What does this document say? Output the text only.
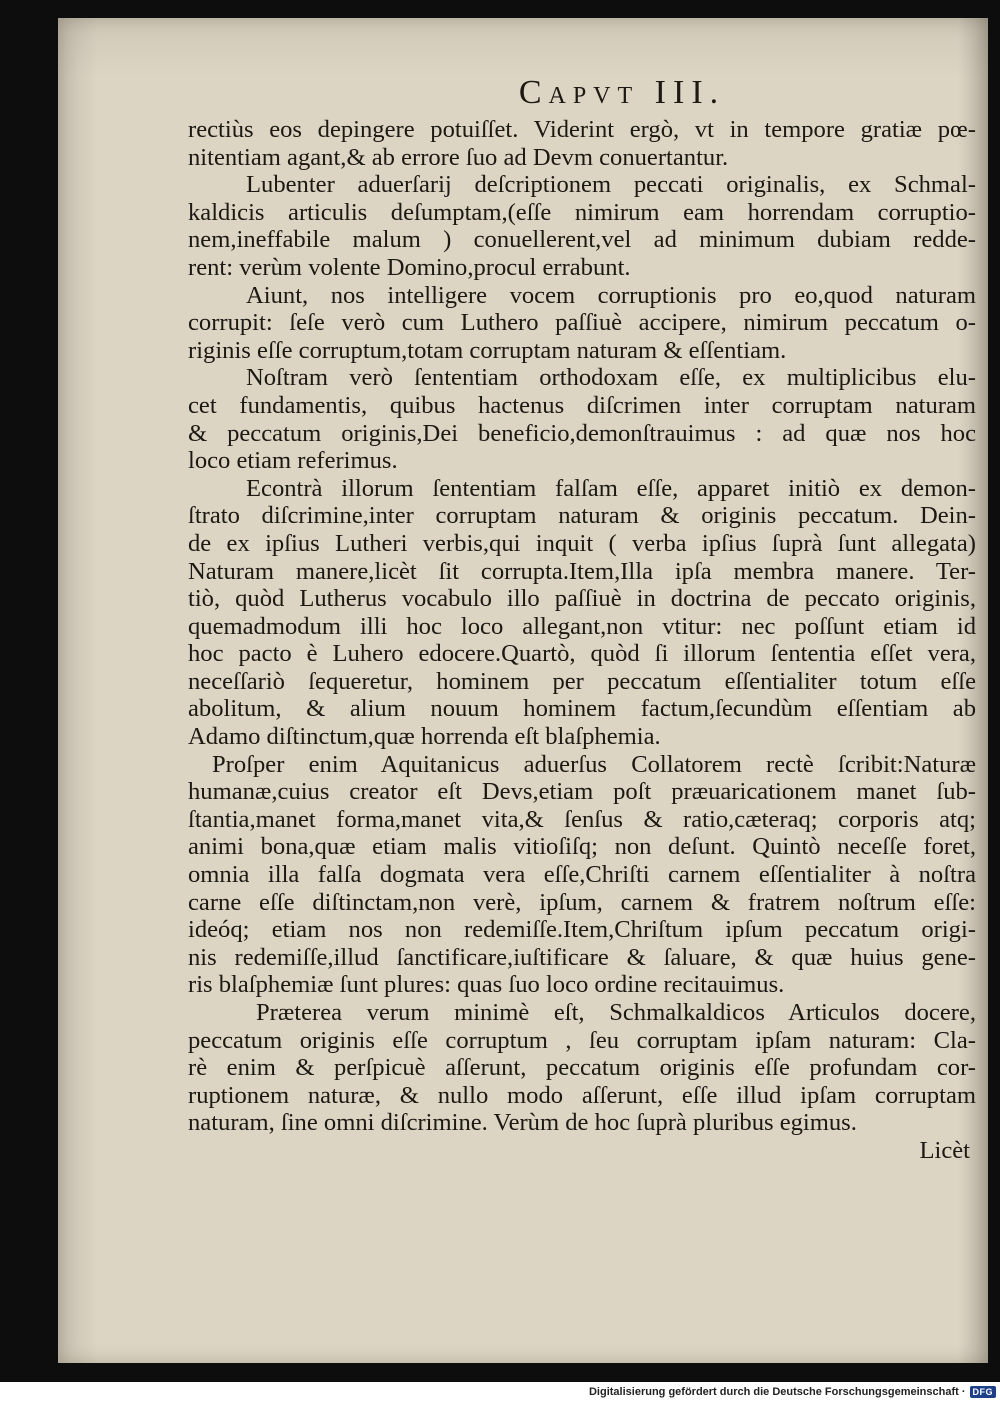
Capvt III.
rectiùs eos depingere potuiſſet. Viderint ergò, vt in tempore gratiæ pœ-
nitentiam agant,& ab errore ſuo ad Devm conuertantur.
Lubenter aduerſarij deſcriptionem peccati originalis, ex Schmal-
kaldicis articulis deſumptam,(eſſe nimirum eam horrendam corruptio-
nem,ineffabile malum ) conuellerent,vel ad minimum dubiam redde-
rent: verùm volente Domino,procul errabunt.
Aiunt, nos intelligere vocem corruptionis pro eo,quod naturam
corrupit: ſeſe verò cum Luthero paſſiuè accipere, nimirum peccatum o-
riginis eſſe corruptum,totam corruptam naturam & eſſentiam.
Noſtram verò ſententiam orthodoxam eſſe, ex multiplicibus elu-
cet fundamentis, quibus hactenus diſcrimen inter corruptam naturam
& peccatum originis,Dei beneficio,demonſtrauimus : ad quæ nos hoc
loco etiam referimus.
Econtrà illorum ſententiam falſam eſſe, apparet initiò ex demon-
ſtrato diſcrimine,inter corruptam naturam & originis peccatum. Dein-
de ex ipſius Lutheri verbis,qui inquit ( verba ipſius ſuprà ſunt allegata)
Naturam manere,licèt ſit corrupta.Item,Illa ipſa membra manere. Ter-
tiò, quòd Lutherus vocabulo illo paſſiuè in doctrina de peccato originis,
quemadmodum illi hoc loco allegant,non vtitur: nec poſſunt etiam id
hoc pacto è Luhero edocere.Quartò, quòd ſi illorum ſententia eſſet vera,
neceſſariò ſequeretur, hominem per peccatum eſſentialiter totum eſſe
abolitum, & alium nouum hominem factum,ſecundùm eſſentiam ab
Adamo diſtinctum,quæ horrenda eſt blaſphemia.
Proſper enim Aquitanicus aduerſus Collatorem rectè ſcribit:Naturæ
humanæ,cuius creator eſt Devs,etiam poſt præuaricationem manet ſub-
ſtantia,manet forma,manet vita,& ſenſus & ratio,cæteraq; corporis atq;
animi bona,quæ etiam malis vitioſiſq; non deſunt. Quintò neceſſe foret,
omnia illa falſa dogmata vera eſſe,Chriſti carnem eſſentialiter à noſtra
carne eſſe diſtinctam,non verè, ipſum, carnem & fratrem noſtrum eſſe:
ideóq; etiam nos non redemiſſe.Item,Chriſtum ipſum peccatum origi-
nis redemiſſe,illud ſanctificare,iuſtificare & ſaluare, & quæ huius gene-
ris blaſphemiæ ſunt plures: quas ſuo loco ordine recitauimus.
Præterea verum minimè eſt, Schmalkaldicos Articulos docere,
peccatum originis eſſe corruptum , ſeu corruptam ipſam naturam: Cla-
rè enim & perſpicuè aſſerunt, peccatum originis eſſe profundam cor-
ruptionem naturæ, & nullo modo aſſerunt, eſſe illud ipſam corruptam
naturam, ſine omni diſcrimine. Verùm de hoc ſuprà pluribus egimus.
Licèt
Digitalisierung gefördert durch die Deutsche Forschungsgemeinschaft · DFG
